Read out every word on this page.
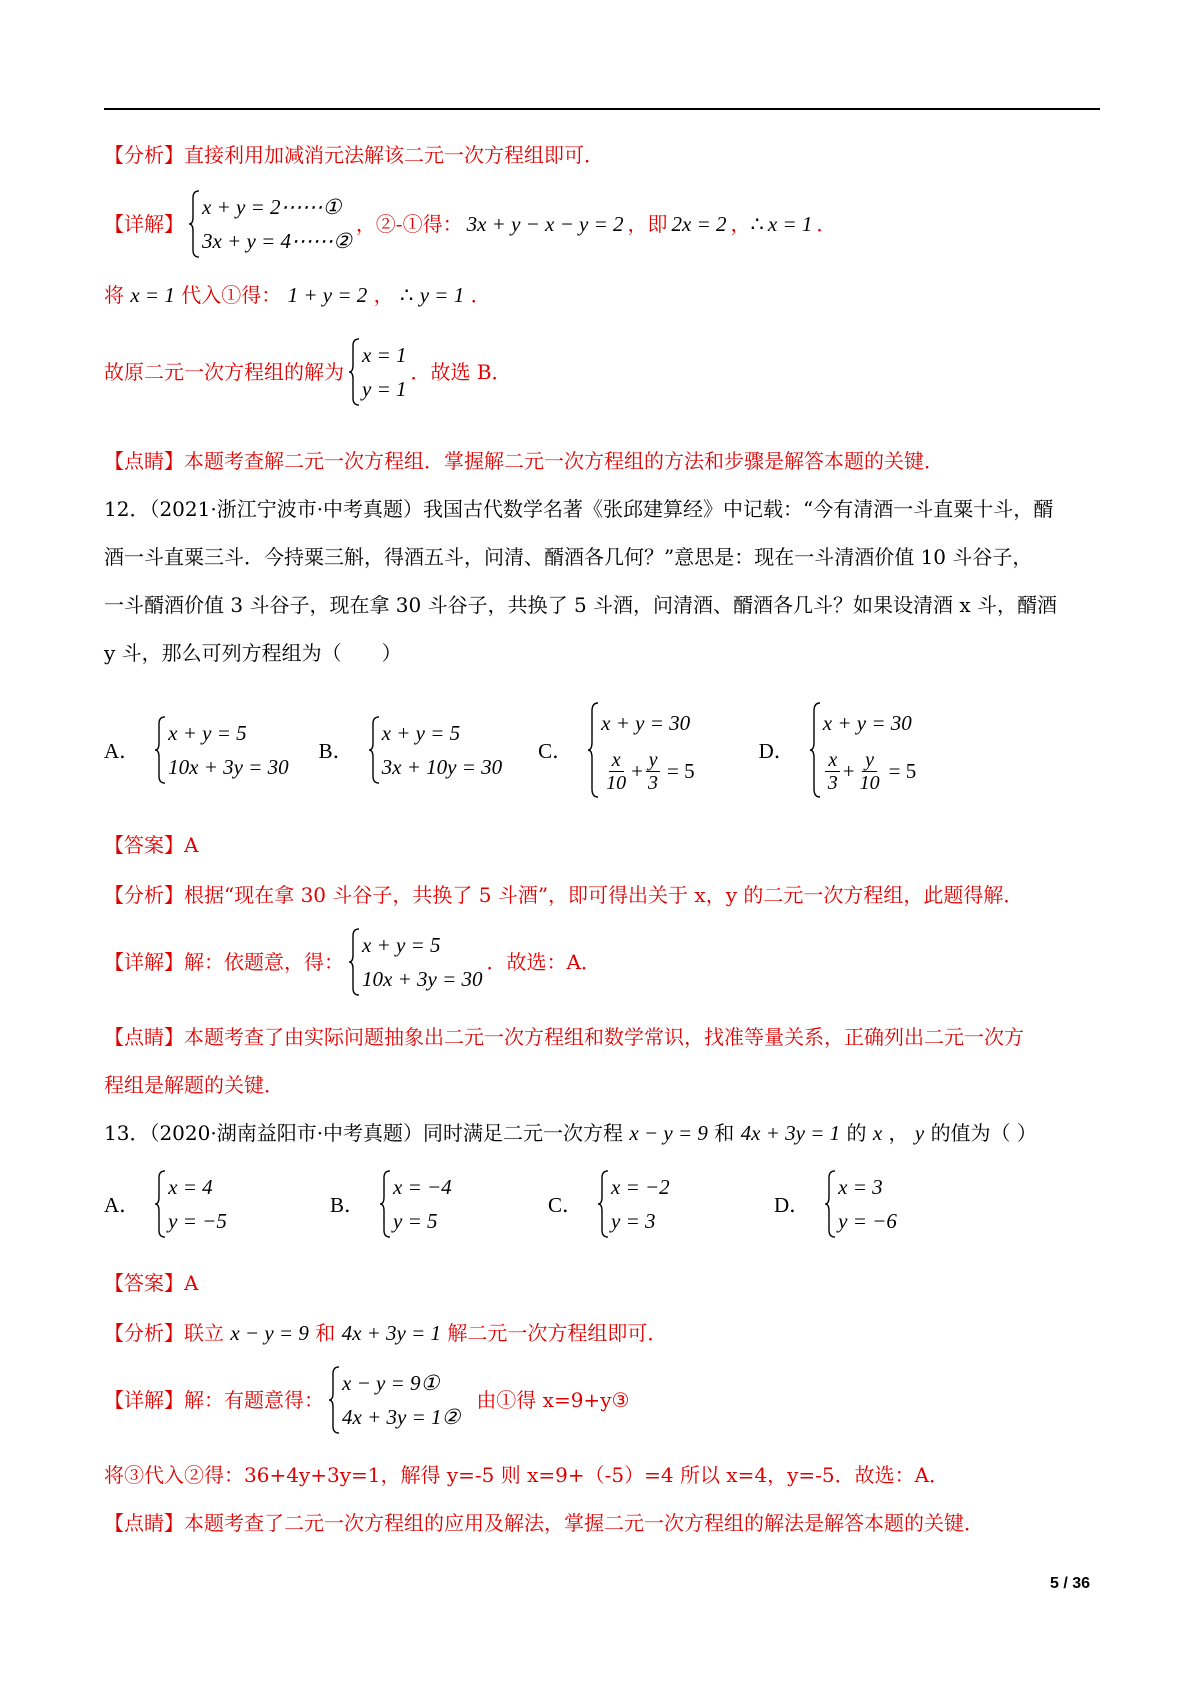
【分析】直接利用加减消元法解该二元一次方程组即可．
【详解】
x + y = 2⋯⋯①
3x + y = 4⋯⋯②
，②-①得： 3x + y − x − y = 2 ，即 2x = 2 ， ∴ x = 1 ．
将 x = 1 代入①得： 1 + y = 2 ， ∴ y = 1 ．
故原二元一次方程组的解为
x = 1
y = 1
．故选 B．
【点睛】本题考查解二元一次方程组．掌握解二元一次方程组的方法和步骤是解答本题的关键．
12．（2021·浙江宁波市·中考真题）我国古代数学名著《张邱建算经》中记载：“今有清酒一斗直粟十斗，醑
酒一斗直粟三斗．今持粟三斛，得酒五斗，问清、醑酒各几何？”意思是：现在一斗清酒价值 10 斗谷子，
一斗醑酒价值 3 斗谷子，现在拿 30 斗谷子，共换了 5 斗酒，问清酒、醑酒各几斗？如果设清酒 x 斗，醑酒
y 斗，那么可列方程组为（　　）
A．
x + y = 5
10x + 3y = 30
B．
x + y = 5
3x + 10y = 30
C．
x + y = 30
$\frac{x}{10} + \frac{y}{3} = 5$
D．
x + y = 30
$\frac{x}{3} + \frac{y}{10} = 5$
【答案】A
【分析】根据“现在拿 30 斗谷子，共换了 5 斗酒”，即可得出关于 x，y 的二元一次方程组，此题得解．
【详解】 解：依题意，得：
x + y = 5
10x + 3y = 30
．故选：A．
【点睛】本题考查了由实际问题抽象出二元一次方程组和数学常识，找准等量关系，正确列出二元一次方
程组是解题的关键．
13．（2020·湖南益阳市·中考真题）同时满足二元一次方程 x − y = 9 和 4x + 3y = 1 的 x ， y 的值为（ ）
A．
x = 4
y = −5
B．
x = −4
y = 5
C．
x = −2
y = 3
D．
x = 3
y = −6
【答案】A
【分析】联立 x − y = 9 和 4x + 3y = 1 解二元一次方程组即可．
【详解】 解：有题意得：
x − y = 9①
4x + 3y = 1②
由①得 x=9+y③
将③代入②得：36+4y+3y=1，解得 y=-5 则 x=9+（-5）=4 所以 x=4，y=-5．故选：A．
【点睛】本题考查了二元一次方程组的应用及解法，掌握二元一次方程组的解法是解答本题的关键．
5 / 36
